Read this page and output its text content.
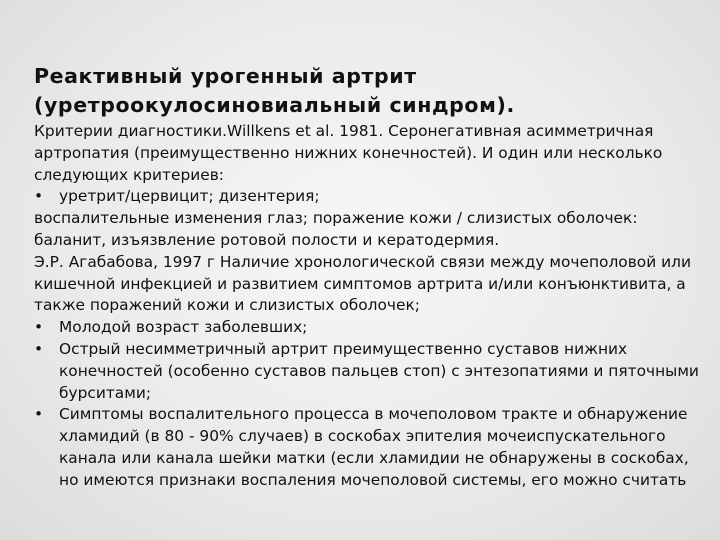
Реактивный урогенный артрит
(уретроокулосиновиальный синдром).

Критерии диагностики.Willkens et al. 1981. Серонегативная асимметричная артропатия (преимущественно нижних конечностей). И один или несколько следующих критериев:

• уретрит/цервицит; дизентерия;

воспалительные изменения глаз; поражение кожи / слизистых оболочек: баланит, изъязвление ротовой полости и кератодермия.

Э.Р. Агабабова, 1997 г Наличие хронологической связи между мочеполовой или кишечной инфекцией и развитием симптомов артрита и/или конъюнктивита, а также поражений кожи и слизистых оболочек;

• Молодой возраст заболевших;
• Острый несимметричный артрит преимущественно суставов нижних конечностей (особенно суставов пальцев стоп) с энтезопатиями и пяточными бурситами;
• Симптомы воспалительного процесса в мочеполовом тракте и обнаружение хламидий (в 80 - 90% случаев) в соскобах эпителия мочеиспускательного канала или канала шейки матки (если хламидии не обнаружены в соскобах, но имеются признаки воспаления мочеполовой системы, его можно считать
